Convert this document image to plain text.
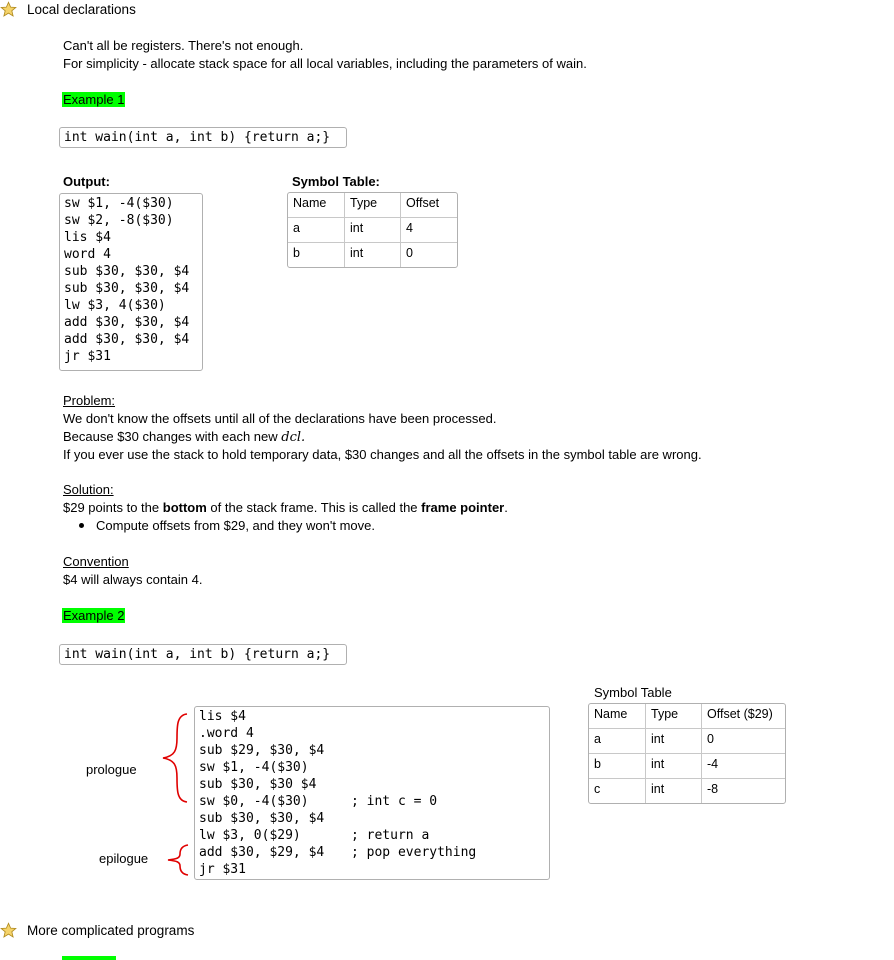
Local declarations
Can't all be registers. There's not enough.
For simplicity - allocate stack space for all local variables, including the parameters of wain.
Example 1
int wain(int a, int b) {return a;}
Output:
sw $1, -4($30)
sw $2, -8($30)
lis $4
word 4
sub $30, $30, $4
sub $30, $30, $4
lw $3, 4($30)
add $30, $30, $4
add $30, $30, $4
jr $31
Symbol Table:
Name	Type	Offset
a	int	4
b	int	0
Problem:
We don't know the offsets until all of the declarations have been processed.
Because $30 changes with each new dcl.
If you ever use the stack to hold temporary data, $30 changes and all the offsets in the symbol table are wrong.
Solution:
$29 points to the bottom of the stack frame. This is called the frame pointer.
Compute offsets from $29, and they won't move.
Convention
$4 will always contain 4.
Example 2
int wain(int a, int b) {return a;}
prologue
epilogue
lis $4
.word 4
sub $29, $30, $4
sw $1, -4($30)
sub $30, $30 $4
sw $0, -4($30)	; int c = 0
sub $30, $30, $4
lw $3, 0($29)	; return a
add $30, $29, $4	; pop everything
jr $31
Symbol Table
Name	Type	Offset ($29)
a	int	0
b	int	-4
c	int	-8
More complicated programs
